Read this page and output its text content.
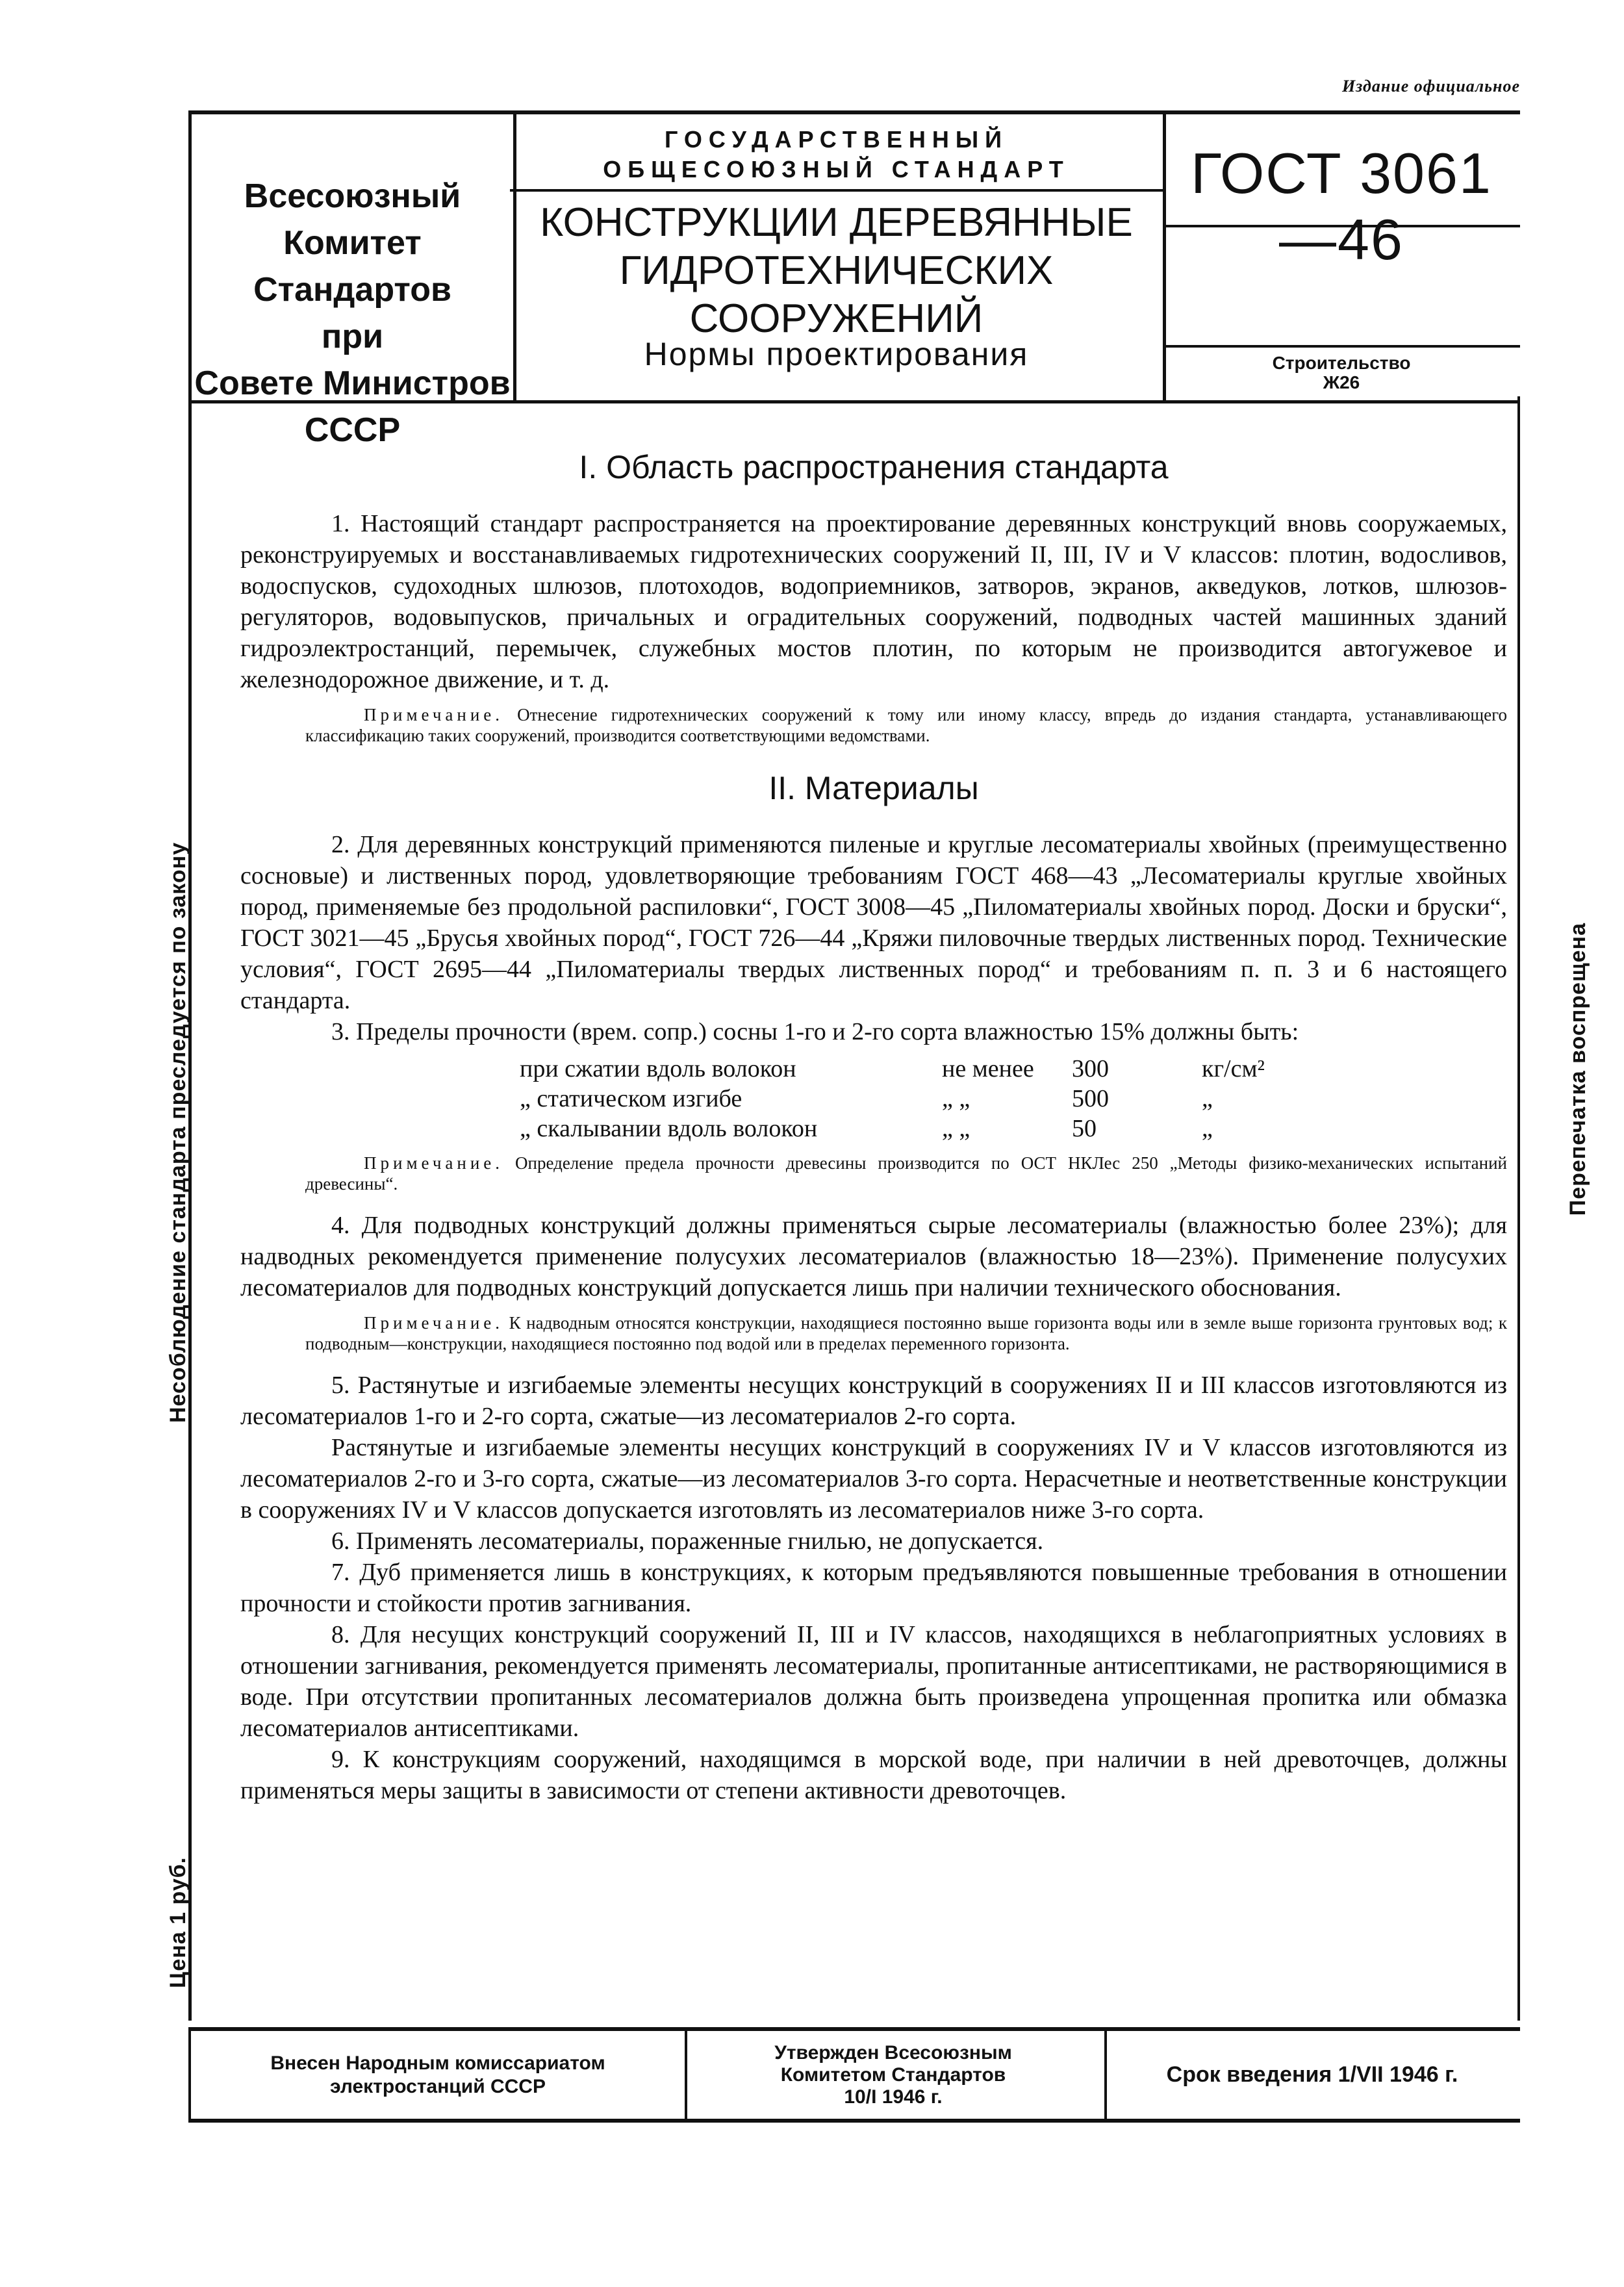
Издание официальное
Всесоюзный
Комитет Стандартов
при
Совете Министров
СССР
ГОСУДАРСТВЕННЫЙ
ОБЩЕСОЮЗНЫЙ СТАНДАРТ
КОНСТРУКЦИИ ДЕРЕВЯННЫЕ
ГИДРОТЕХНИЧЕСКИХ
СООРУЖЕНИЙ
Нормы проектирования
ГОСТ 3061—46
Строительство
Ж26
Несоблюдение стандарта преследуется по закону
Цена 1 руб.
Перепечатка воспрещена
I. Область распространения стандарта

1. Настоящий стандарт распространяется на проектирование деревянных конструкций вновь сооружаемых, реконструируемых и восстанавливаемых гидротехнических сооружений II, III, IV и V классов: плотин, водосливов, водоспусков, судоходных шлюзов, плотоходов, водоприемников, затворов, экранов, акведуков, лотков, шлюзов-регуляторов, водовыпусков, причальных и оградительных сооружений, подводных частей машинных зданий гидроэлектростанций, перемычек, служебных мостов плотин, по которым не производится автогужевое и железнодорожное движение, и т. д.

Примечание. Отнесение гидротехнических сооружений к тому или иному классу, впредь до издания стандарта, устанавливающего классификацию таких сооружений, производится соответствующими ведомствами.

II. Материалы

2. Для деревянных конструкций применяются пиленые и круглые лесоматериалы хвойных (преимущественно сосновые) и лиственных пород, удовлетворяющие требованиям ГОСТ 468—43 „Лесоматериалы круглые хвойных пород, применяемые без продольной распиловки“, ГОСТ 3008—45 „Пиломатериалы хвойных пород. Доски и бруски“, ГОСТ 3021—45 „Брусья хвойных пород“, ГОСТ 726—44 „Кряжи пиловочные твердых лиственных пород. Технические условия“, ГОСТ 2695—44 „Пиломатериалы твердых лиственных пород“ и требованиям п. п. 3 и 6 настоящего стандарта.

3. Пределы прочности (врем. сопр.) сосны 1-го и 2-го сорта влажностью 15% должны быть:

при сжатии вдоль волокон	не менее	300	кг/см²
„ статическом изгибе	„ „	500	„
„ скалывании вдоль волокон	„ „	50	„

Примечание. Определение предела прочности древесины производится по ОСТ НКЛес 250 „Методы физико-механических испытаний древесины“.

4. Для подводных конструкций должны применяться сырые лесоматериалы (влажностью более 23%); для надводных рекомендуется применение полусухих лесоматериалов (влажностью 18—23%). Применение полусухих лесоматериалов для подводных конструкций допускается лишь при наличии технического обоснования.

Примечание. К надводным относятся конструкции, находящиеся постоянно выше горизонта воды или в земле выше горизонта грунтовых вод; к подводным—конструкции, находящиеся постоянно под водой или в пределах переменного горизонта.

5. Растянутые и изгибаемые элементы несущих конструкций в сооружениях II и III классов изготовляются из лесоматериалов 1-го и 2-го сорта, сжатые—из лесоматериалов 2-го сорта.

Растянутые и изгибаемые элементы несущих конструкций в сооружениях IV и V классов изготовляются из лесоматериалов 2-го и 3-го сорта, сжатые—из лесоматериалов 3-го сорта. Нерасчетные и неответственные конструкции в сооружениях IV и V классов допускается изготовлять из лесоматериалов ниже 3-го сорта.

6. Применять лесоматериалы, пораженные гнилью, не допускается.

7. Дуб применяется лишь в конструкциях, к которым предъявляются повышенные требования в отношении прочности и стойкости против загнивания.

8. Для несущих конструкций сооружений II, III и IV классов, находящихся в неблагоприятных условиях в отношении загнивания, рекомендуется применять лесоматериалы, пропитанные антисептиками, не растворяющимися в воде. При отсутствии пропитанных лесоматериалов должна быть произведена упрощенная пропитка или обмазка лесоматериалов антисептиками.

9. К конструкциям сооружений, находящимся в морской воде, при наличии в ней древоточцев, должны применяться меры защиты в зависимости от степени активности древоточцев.

Внесен Народным комиссариатом
электростанций СССР
Утвержден Всесоюзным
Комитетом Стандартов
10/I 1946 г.
Срок введения 1/VII 1946 г.
